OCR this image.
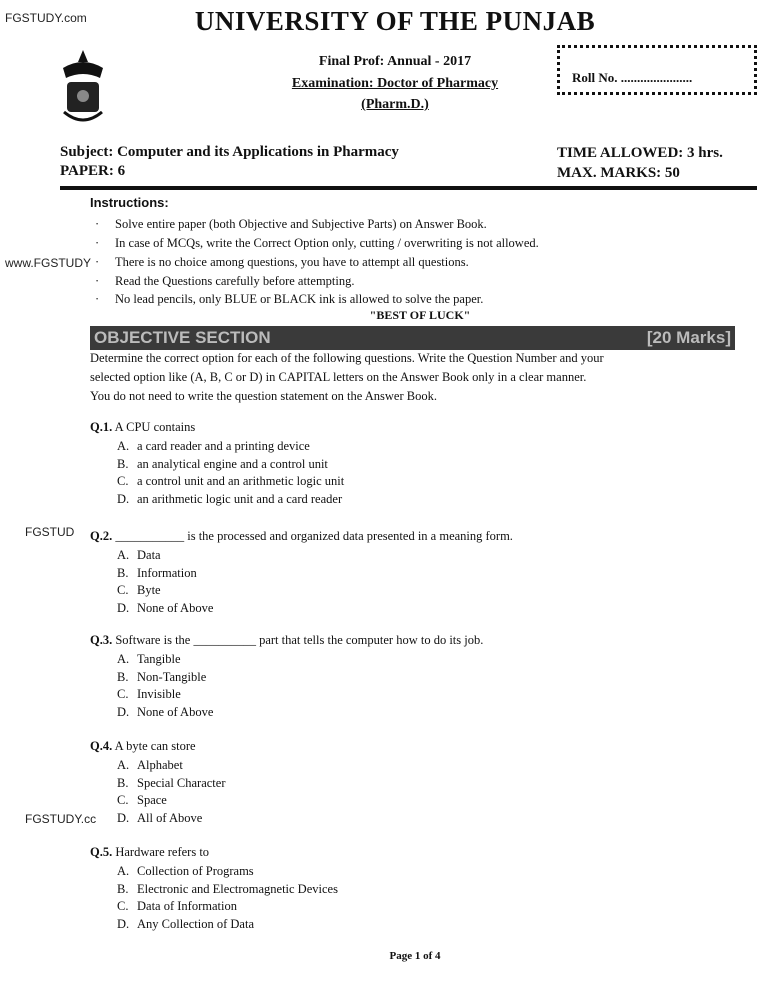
FGSTUDY.com
www.FGSTUDY
FGSTUD
FGSTUDY.cc
UNIVERSITY OF THE PUNJAB
Final Prof: Annual - 2017
Examination: Doctor of Pharmacy
(Pharm.D.)
Roll No. ......................
Subject: Computer and its Applications in Pharmacy
PAPER: 6
TIME ALLOWED: 3 hrs.
MAX. MARKS: 50
Instructions:
· Solve entire paper (both Objective and Subjective Parts) on Answer Book.
· In case of MCQs, write the Correct Option only, cutting / overwriting is not allowed.
· There is no choice among questions, you have to attempt all questions.
· Read the Questions carefully before attempting.
· No lead pencils, only BLUE or BLACK ink is allowed to solve the paper.
"BEST OF LUCK"
OBJECTIVE SECTION	[20 Marks]
Determine the correct option for each of the following questions. Write the Question Number and your
selected option like (A, B, C or D) in CAPITAL letters on the Answer Book only in a clear manner.
You do not need to write the question statement on the Answer Book.
Q.1. A CPU contains
A. a card reader and a printing device
B. an analytical engine and a control unit
C. a control unit and an arithmetic logic unit
D. an arithmetic logic unit and a card reader
Q.2. ___________ is the processed and organized data presented in a meaning form.
A. Data
B. Information
C. Byte
D. None of Above
Q.3. Software is the __________ part that tells the computer how to do its job.
A. Tangible
B. Non-Tangible
C. Invisible
D. None of Above
Q.4. A byte can store
A. Alphabet
B. Special Character
C. Space
D. All of Above
Q.5. Hardware refers to
A. Collection of Programs
B. Electronic and Electromagnetic Devices
C. Data of Information
D. Any Collection of Data
Page 1 of 4
